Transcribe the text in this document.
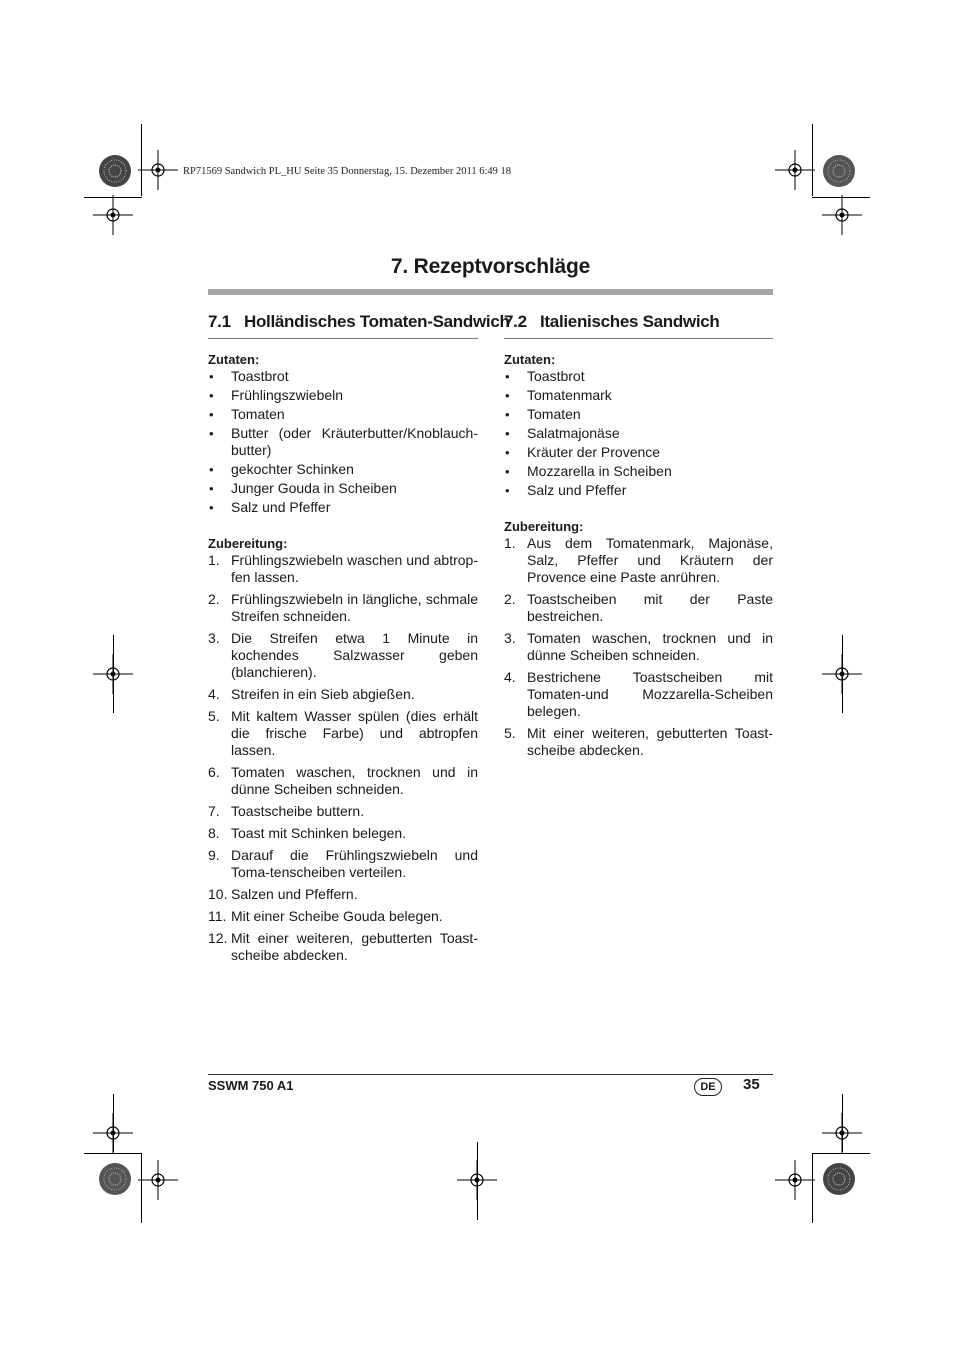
RP71569 Sandwich PL_HU Seite 35 Donnerstag, 15. Dezember 2011 6:49 18
7. Rezeptvorschläge
7.1 Holländisches Tomaten-Sandwich
Zutaten:
• Toastbrot
• Frühlingszwiebeln
• Tomaten
• Butter (oder Kräuterbutter/Knoblauch-butter)
• gekochter Schinken
• Junger Gouda in Scheiben
• Salz und Pfeffer
Zubereitung:
1. Frühlingszwiebeln waschen und abtrop-fen lassen.
2. Frühlingszwiebeln in längliche, schmale Streifen schneiden.
3. Die Streifen etwa 1 Minute in kochendes Salzwasser geben (blanchieren).
4. Streifen in ein Sieb abgießen.
5. Mit kaltem Wasser spülen (dies erhält die frische Farbe) und abtropfen lassen.
6. Tomaten waschen, trocknen und in dünne Scheiben schneiden.
7. Toastscheibe buttern.
8. Toast mit Schinken belegen.
9. Darauf die Frühlingszwiebeln und Toma-tenscheiben verteilen.
10. Salzen und Pfeffern.
11. Mit einer Scheibe Gouda belegen.
12. Mit einer weiteren, gebutterten Toast-scheibe abdecken.
7.2 Italienisches Sandwich
Zutaten:
• Toastbrot
• Tomatenmark
• Tomaten
• Salatmajonäse
• Kräuter der Provence
• Mozzarella in Scheiben
• Salz und Pfeffer
Zubereitung:
1. Aus dem Tomatenmark, Majonäse, Salz, Pfeffer und Kräutern der Provence eine Paste anrühren.
2. Toastscheiben mit der Paste bestreichen.
3. Tomaten waschen, trocknen und in dünne Scheiben schneiden.
4. Bestrichene Toastscheiben mit Tomaten-und Mozzarella-Scheiben belegen.
5. Mit einer weiteren, gebutterten Toast-scheibe abdecken.
SSWM 750 A1	DE	35
